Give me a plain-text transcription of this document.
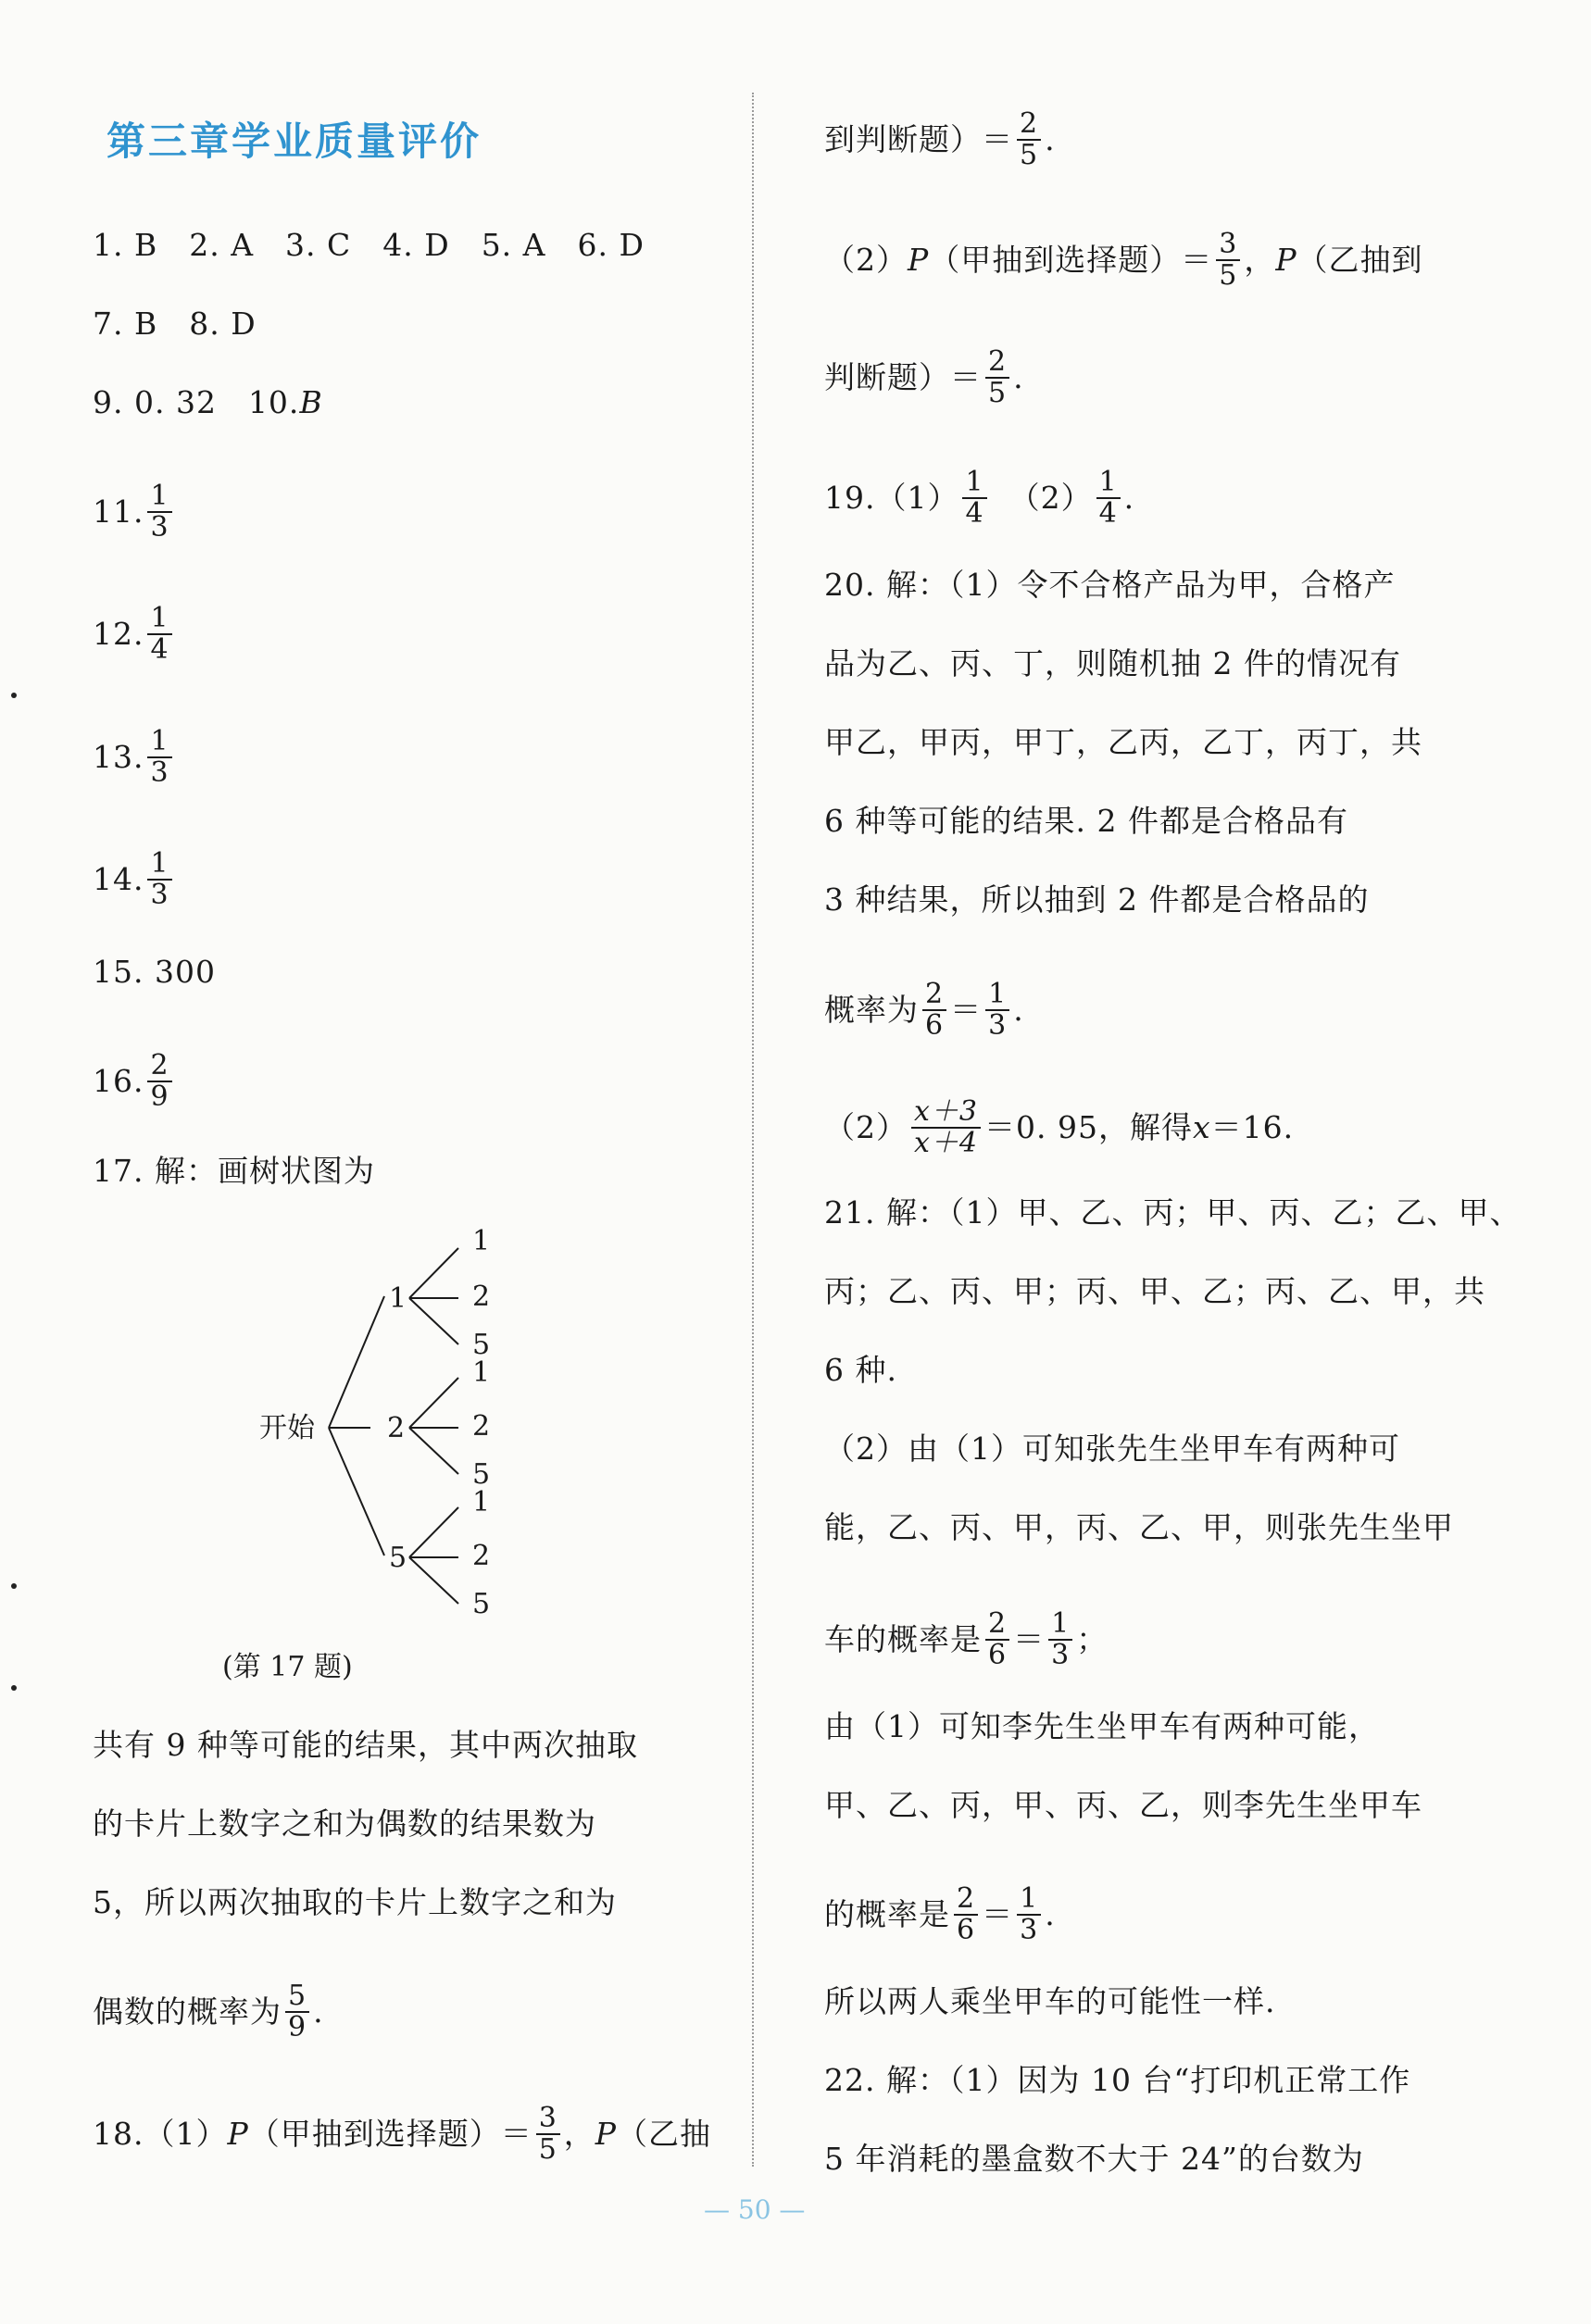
第三章学业质量评价
1. B　2. A　3. C　4. D　5. A　6. D
7. B　8. D
9. 0. 32　10. B
11. $\frac{1}{3}$
12. $\frac{1}{4}$
13. $\frac{1}{3}$
14. $\frac{1}{3}$
15. 300
16. $\frac{2}{9}$
17. 解：画树状图为
开始
1
2
5
1
2
5
1
2
5
1
2
5
(第 17 题)
共有 9 种等可能的结果，其中两次抽取
的卡片上数字之和为偶数的结果数为
5，所以两次抽取的卡片上数字之和为
偶数的概率为 $\frac{5}{9}$ .
18.（1） P （甲抽到选择题）＝ $\frac{3}{5}$ ， P （乙抽
到判断题）＝ $\frac{2}{5}$ .
（2） P （甲抽到选择题）＝ $\frac{3}{5}$ ， P （乙抽到
判断题）＝ $\frac{2}{5}$ .
$19.(1) \frac{1}{4} (2) \frac{1}{4}$ .
20. 解：（1）令不合格产品为甲，合格产
品为乙、丙、丁，则随机抽 2 件的情况有
甲乙，甲丙，甲丁，乙丙，乙丁，丙丁，共
6 种等可能的结果. 2 件都是合格品有
3 种结果，所以抽到 2 件都是合格品的
概率为 $\frac{2}{6} = \frac{1}{3}$ .
$(2) \frac{x+3}{x+4} =0$. 95，解得 x ＝16.
21. 解：（1）甲、乙、丙；甲、丙、乙；乙、甲、
丙；乙、丙、甲；丙、甲、乙；丙、乙、甲，共
6 种.
（2）由（1）可知张先生坐甲车有两种可
能，乙、丙、甲，丙、乙、甲，则张先生坐甲
车的概率是 $\frac{2}{6} = \frac{1}{3}$ ；
由（1）可知李先生坐甲车有两种可能，
甲、乙、丙，甲、丙、乙，则李先生坐甲车
的概率是 $\frac{2}{6} = \frac{1}{3}$ .
所以两人乘坐甲车的可能性一样.
22. 解：（1）因为 10 台“打印机正常工作
5 年消耗的墨盒数不大于 24”的台数为
— 50 —
